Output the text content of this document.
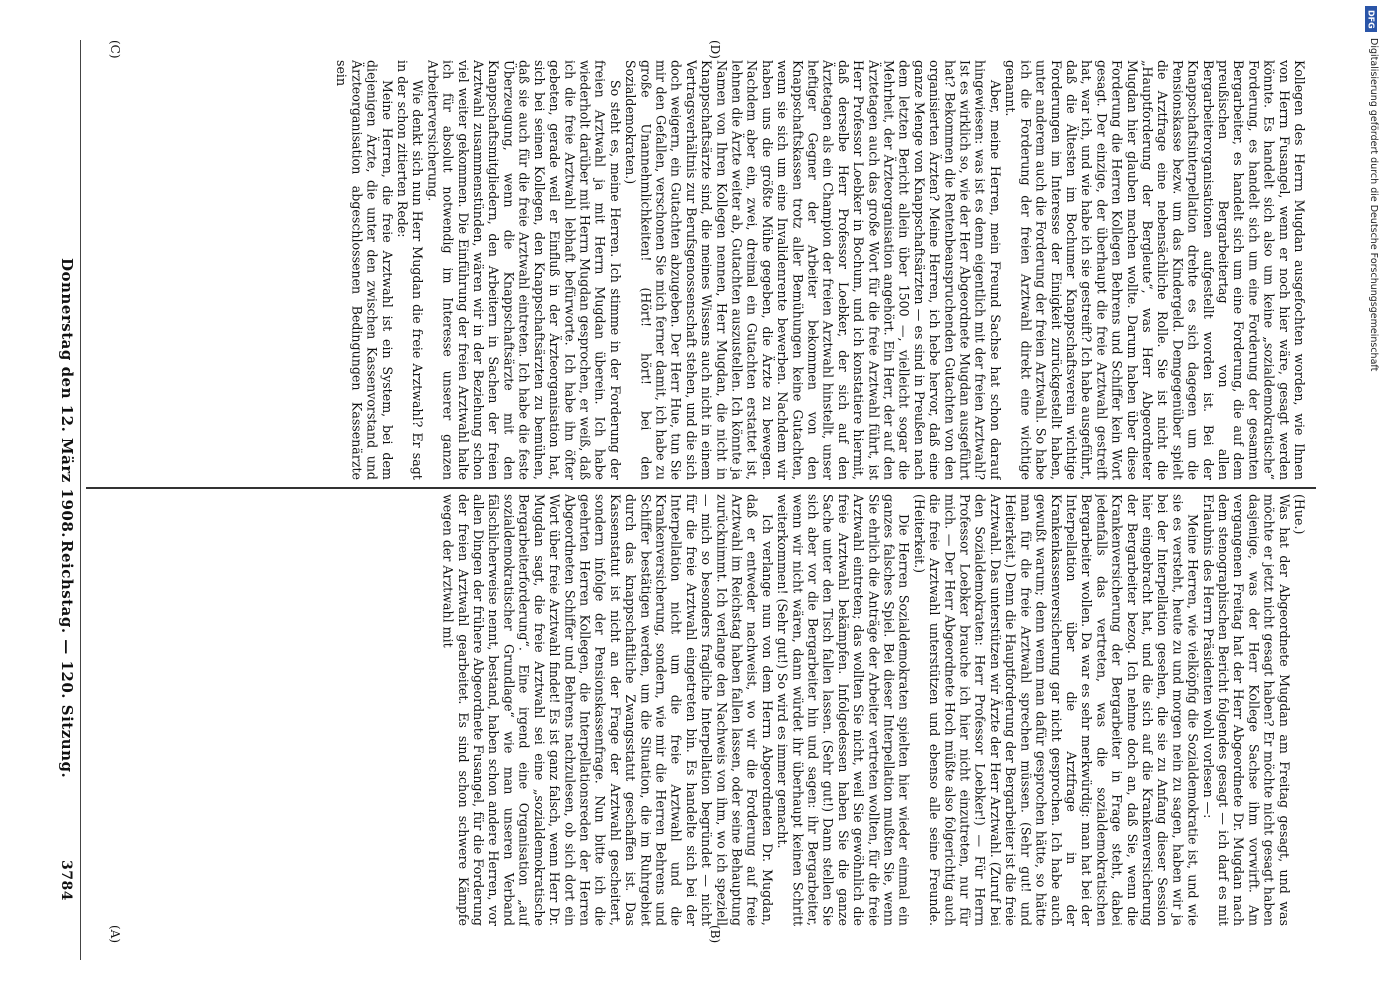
3784
Reichstag. — 120. Sitzung.
Donnerstag den 12. März 1908.
(A)	(B)
(C)	(D)

(Hue.)

Was hat der Abgeordnete Mugdan am Freitag gesagt, und was möchte er jetzt nicht gesagt haben? Er möchte nicht gesagt haben dasjenige, was der Herr Kollege Sachse ihm vorwirft. Am vergangenen Freitag hat der Herr Abgeordnete Dr. Mugdan nach dem stenographischen Bericht folgendes gesagt — ich darf es mit Erlaubnis des Herrn Präsidenten wohl vorlesen —:

Meine Herren, wie vielköpfig die Sozialdemokratie ist, und wie sie es versteht, heute zu und morgen nein zu sagen, haben wir ja bei der Interpellation gesehen, die sie zu Anfang dieser Session hier eingebracht hat, und die sich auf die Krankenversicherung der Bergarbeiter bezog. Ich nehme doch an, daß Sie, wenn die Krankenversicherung der Bergarbeiter in Frage steht, dabei jedenfalls das vertreten, was die sozialdemokratischen Bergarbeiter wollen. Da war es sehr merkwürdig: man hat bei der Interpellation über die Arztfrage in der Krankenkassenversicherung gar nicht gesprochen. Ich habe auch gewußt warum; denn wenn man dafür gesprochen hätte, so hätte man für die freie Arztwahl sprechen müssen. (Sehr gut! und Heiterkeit.) Denn die Hauptforderung der Bergarbeiter ist die freie Arztwahl. Das unterstützen wir Ärzte der Herr Arztwahl. (Zuruf bei den Sozialdemokraten: Herr Professor Loebker!) — Für Herrn Professor Loebker brauche ich hier nicht einzutreten, nur für mich. — Der Herr Abgeordnete Hoch müßte also folgerichtig auch die freie Arztwahl unterstützen und ebenso alle seine Freunde. (Heiterkeit.)

Die Herren Sozialdemokraten spielten hier wieder einmal ein ganzes falsches Spiel. Bei dieser Interpellation mußten Sie, wenn Sie ehrlich die Anträge der Arbeiter vertreten wollten, für die freie Arztwahl eintreten; das wollten Sie nicht, weil Sie gewöhnlich die freie Arztwahl bekämpfen. Infolgedessen haben Sie die ganze Sache unter den Tisch fallen lassen. (Sehr gut!) Dann stellen Sie sich aber vor die Bergarbeiter hin und sagen: ihr Bergarbeiter, wenn wir nicht wären, dann würdet ihr überhaupt keinen Schritt weiterkommen! (Sehr gut!) So wird es immer gemacht.

Ich verlange nun von dem Herrn Abgeordneten Dr. Mugdan, daß er entweder nachweist, wo wir die Forderung auf freie Arztwahl im Reichstag haben fallen lassen, oder seine Behauptung zurücknimmt. Ich verlange den Nachweis von ihm, wo ich speziell — mich so besonders fragliche Interpellation begründet — nicht für die freie Arztwahl eingetreten bin. Es handelte sich bei der Interpellation nicht um die freie Arztwahl und die Krankenversicherung, sondern, wie mir die Herren Behrens und Schiffer bestätigen werden, um die Situation, die im Ruhrgebiet durch das knappschaftliche Zwangsstatut geschaffen ist. Das Kassenstatut ist nicht an der Frage der Arztwahl gescheitert, sondern infolge der Pensionskassenfrage. Nun bitte ich die geehrten Herren Kollegen, die Interpellationsreden der Herren Abgeordneten Schiffer und Behrens nachzulesen, ob sich dort ein Wort über freie Arztwahl findet! Es ist ganz falsch, wenn Herr Dr. Mugdan sagt, die freie Arztwahl sei eine „sozialdemokratische Bergarbeiterforderung“. Eine irgend eine Organisation „auf sozialdemokratischer Grundlage“ wie man unseren Verband fälschlicherweise nennt, bestand, haben schon andere Herren, vor allen Dingen der frühere Abgeordnete Fusangel, für die Forderung der freien Arztwahl gearbeitet. Es sind schon schwere Kämpfe wegen der Arztwahl mit

Kollegen des Herrn Mugdan ausgefochten worden, wie Ihnen von Herrn Fusangel, wenn er noch hier wäre, gesagt werden könnte. Es handelt sich also um keine „sozialdemokratische“ Forderung, es handelt sich um eine Forderung der gesamten Bergarbeiter, es handelt sich um eine Forderung, die auf dem preußischen Bergarbeitertag von allen Bergarbeiterorganisationen aufgestellt worden ist. Bei der Knappschaftsinterpellation drehte es sich dagegen um die Pensionskasse bezw. um das Kindergeld. Demgegenüber spielt die Arztfrage eine nebensächliche Rolle. Sie ist nicht die „Hauptforderung der Bergleute“, was Herr Abgeordneter Mugdan hier glauben machen wollte. Darum haben über diese Forderung die Herren Kollegen Behrens und Schiffer kein Wort gesagt. Der einzige, der überhaupt die freie Arztwahl gestreift hat, war ich, und wie habe ich sie gestreift? Ich habe ausgeführt, daß die Ältesten im Bochumer Knappschaftsverein wichtige Forderungen im Interesse der Einigkeit zurückgestellt haben, unter anderem auch die Forderung der freien Arztwahl. So habe ich die Forderung der freien Arztwahl direkt eine wichtige genannt.

Aber, meine Herren, mein Freund Sachse hat schon darauf hingewiesen: was ist es denn eigentlich mit der freien Arztwahl? Ist es wirklich so, wie der Herr Abgeordnete Mugdan ausgeführt hat? Bekommen die Rentenbeanspruchenden Gutachten von den organisierten Ärzten? Meine Herren, ich hebe hervor, daß eine ganze Menge von Knappschaftsärzten — es sind in Preußen nach dem letzten Bericht allein über 1500 —, vielleicht sogar die Mehrheit, der Ärzteorganisation angehört. Ein Herr, der auf den Ärztetagen auch das große Wort für die freie Arztwahl führt, ist Herr Professor Loebker in Bochum, und ich konstatiere hiermit, daß derselbe Herr Professor Loebker, der sich auf den Ärztetagen als ein Champion der freien Arztwahl hinstellt, unser heftiger Gegner der Arbeiter bekommen von den Knappschaftskassen trotz aller Bemühungen keine Gutachten, wenn sie sich um eine Invalidenrente bewerben. Nachdem wir haben uns die größte Mühe gegeben, die Ärzte zu bewegen. Nachdem aber ein, zwei, dreimal ein Gutachten erstattet ist, lehnen die Ärzte weiter ab, Gutachten auszustellen. Ich könnte ja Namen von Ihren Kollegen nennen, Herr Mugdan, die nicht in Knappschaftsärzte sind, die meines Wissens auch nicht in einem Vertragsverhältnis zur Berufsgenossenschaft stehen, und die sich doch weigern, ein Gutachten abzugeben. Der Herr Hue, tun Sie mir den Gefallen, verschonen Sie mich ferner damit, ich habe zu große Unannehmlichkeiten! (Hört! hört! bei den Sozialdemokraten.)

So steht es, meine Herren. Ich stimme in der Forderung der freien Arztwahl ja mit Herrn Mugdan überein. Ich habe wiederholt darüber mit Herrn Mugdan gesprochen, er weiß, daß ich die freie Arztwahl lebhaft befürworte. Ich habe ihn öfter gebeten, gerade weil er Einfluß in der Ärzteorganisation hat, sich bei seinen Kollegen, den Knappschaftsärzten zu bemühen, daß sie auch für die freie Arztwahl eintreten. Ich habe die feste Überzeugung, wenn die Knappschaftsärzte mit den Knappschaftsmitgliedern, den Arbeitern in Sachen der freien Arztwahl zusammenstünden, wären wir in der Beziehung schon viel weiter gekommen. Die Einführung der freien Arztwahl halte ich für absolut notwendig im Interesse unserer ganzen Arbeiterversicherung.

Wie denkt sich nun Herr Mugdan die freie Arztwahl? Er sagt in der schon zitierten Rede:

Meine Herren, die freie Arztwahl ist ein System, bei dem diejenigen Ärzte, die unter den zwischen Kassenvorstand und Ärzteorganisation abgeschlossenen Bedingungen Kassenärzte sein

DFG
Digitalisierung gefördert durch die Deutsche Forschungsgemeinschaft
